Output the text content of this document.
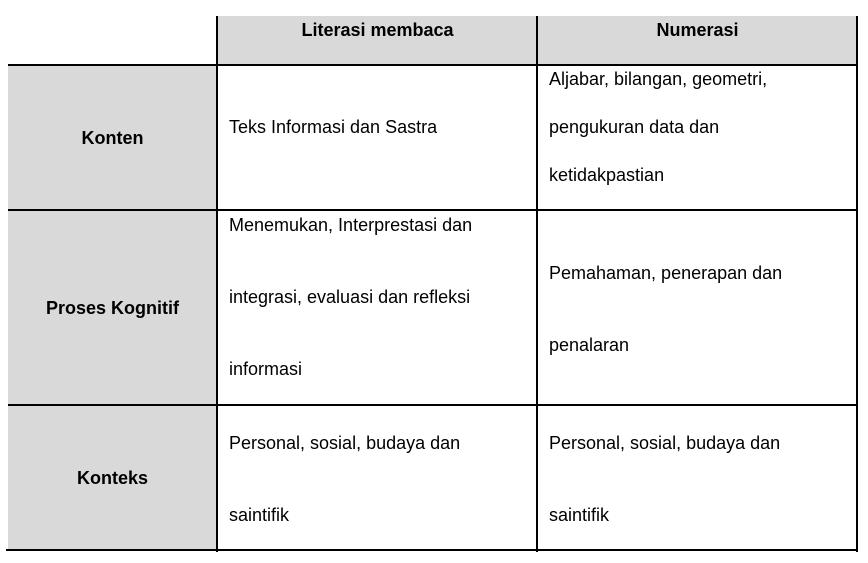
Literasi membaca	Numerasi
Konten
Proses Kognitif
Konteks
Teks Informasi dan Sastra
Aljabar, bilangan, geometri,
pengukuran data dan
ketidakpastian
Menemukan, Interprestasi dan
integrasi, evaluasi dan refleksi
informasi
Pemahaman, penerapan dan
penalaran
Personal, sosial, budaya dan
saintifik
Personal, sosial, budaya dan
saintifik
